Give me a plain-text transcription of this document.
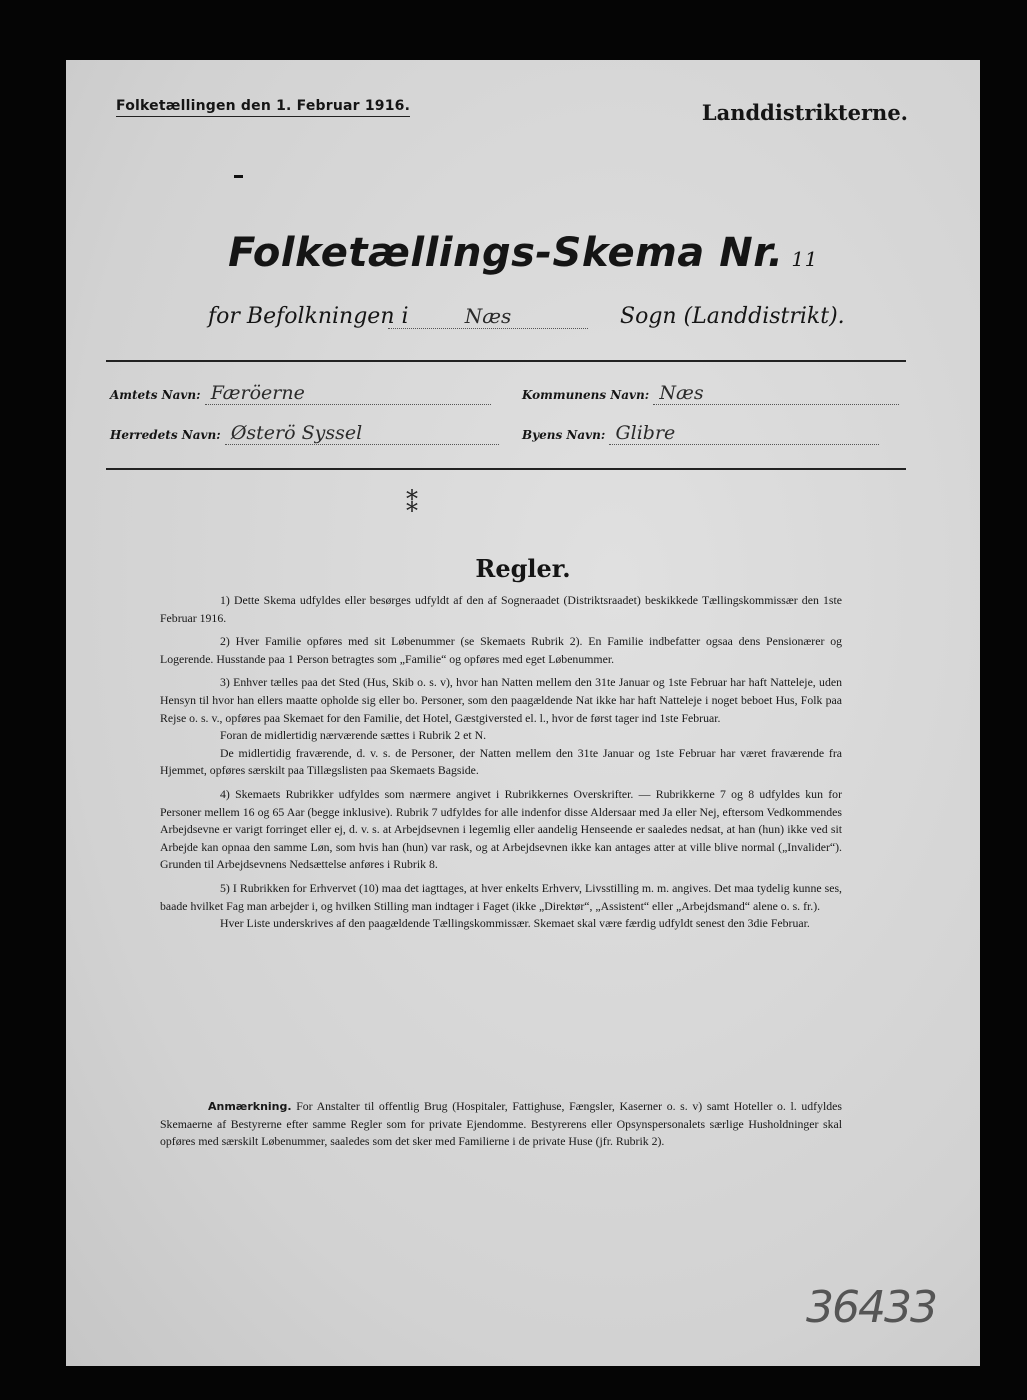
Folketællingen den 1. Februar 1916.	Landdistrikterne.
Folketællings-Skema Nr. 11
for Befolkningen i	Næs	Sogn (Landdistrikt).
Amtets Navn: Færöerne
Herredets Navn: Østerö Syssel
Kommunens Navn: Næs
Byens Navn: Glibre
⁑
Regler.

1) Dette Skema udfyldes eller besørges udfyldt af den af Sogneraadet (Distriktsraadet) beskikkede Tællingskommissær den 1ste Februar 1916.

2) Hver Familie opføres med sit Løbenummer (se Skemaets Rubrik 2). En Familie indbefatter ogsaa dens Pensionærer og Logerende. Husstande paa 1 Person betragtes som „Familie“ og opføres med eget Løbenummer.

3) Enhver tælles paa det Sted (Hus, Skib o. s. v), hvor han Natten mellem den 31te Januar og 1ste Februar har haft Natteleje, uden Hensyn til hvor han ellers maatte opholde sig eller bo. Personer, som den paagældende Nat ikke har haft Natteleje i noget beboet Hus, Folk paa Rejse o. s. v., opføres paa Skemaet for den Familie, det Hotel, Gæstgiversted el. l., hvor de først tager ind 1ste Februar.

Foran de midlertidig nærværende sættes i Rubrik 2 et N.

De midlertidig fraværende, d. v. s. de Personer, der Natten mellem den 31te Januar og 1ste Februar har været fraværende fra Hjemmet, opføres særskilt paa Tillægslisten paa Skemaets Bagside.

4) Skemaets Rubrikker udfyldes som nærmere angivet i Rubrikkernes Overskrifter. — Rubrikkerne 7 og 8 udfyldes kun for Personer mellem 16 og 65 Aar (begge inklusive). Rubrik 7 udfyldes for alle indenfor disse Aldersaar med Ja eller Nej, eftersom Vedkommendes Arbejdsevne er varigt forringet eller ej, d. v. s. at Arbejdsevnen i legemlig eller aandelig Henseende er saaledes nedsat, at han (hun) ikke ved sit Arbejde kan opnaa den samme Løn, som hvis han (hun) var rask, og at Arbejdsevnen ikke kan antages atter at ville blive normal („Invalider“). Grunden til Arbejdsevnens Nedsættelse anføres i Rubrik 8.

5) I Rubrikken for Erhvervet (10) maa det iagttages, at hver enkelts Erhverv, Livsstilling m. m. angives. Det maa tydelig kunne ses, baade hvilket Fag man arbejder i, og hvilken Stilling man indtager i Faget (ikke „Direktør“, „Assistent“ eller „Arbejdsmand“ alene o. s. fr.).

Hver Liste underskrives af den paagældende Tællingskommissær. Skemaet skal være færdig udfyldt senest den 3die Februar.

Anmærkning. For Anstalter til offentlig Brug (Hospitaler, Fattighuse, Fængsler, Kaserner o. s. v) samt Hoteller o. l. udfyldes Skemaerne af Bestyrerne efter samme Regler som for private Ejendomme. Bestyrerens eller Opsynspersonalets særlige Husholdninger skal opføres med særskilt Løbenummer, saaledes som det sker med Familierne i de private Huse (jfr. Rubrik 2).
36433
